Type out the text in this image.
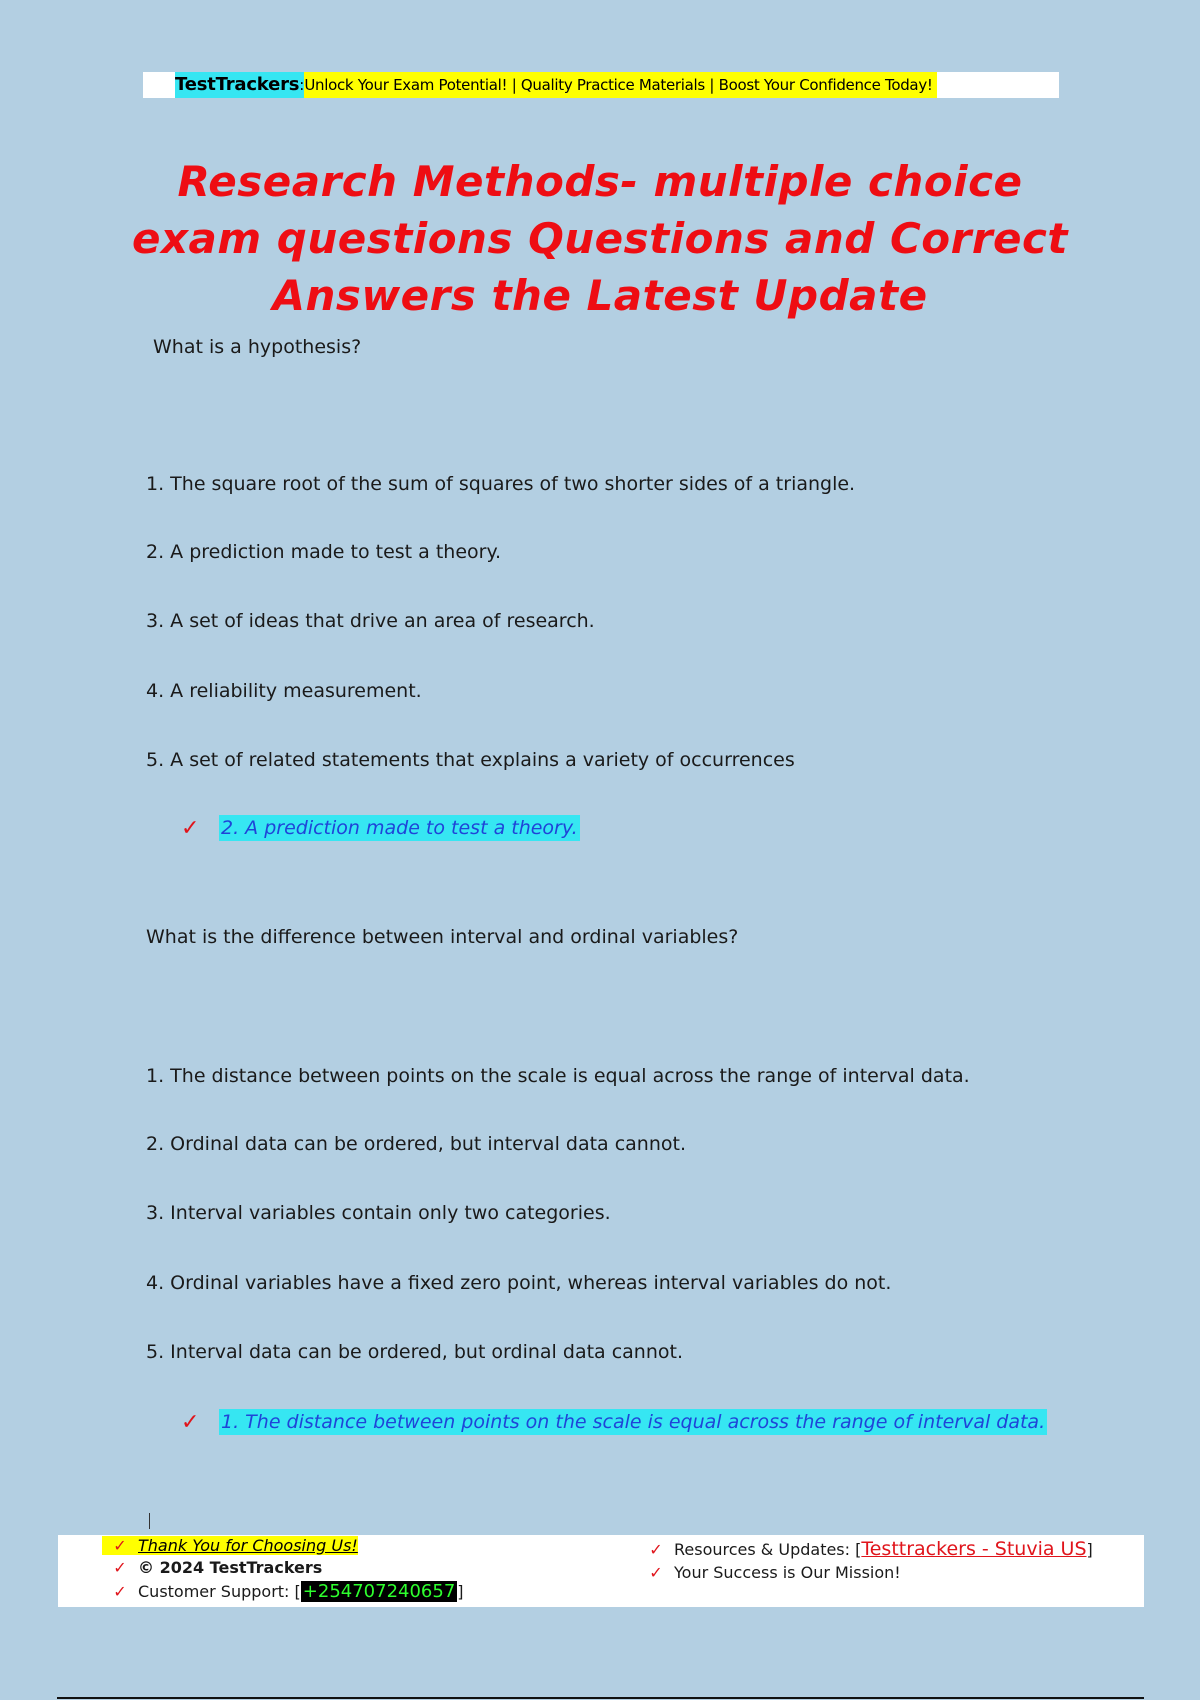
TestTrackers : Unlock Your Exam Potential! | Quality Practice Materials | Boost Your Confidence Today!
Research Methods- multiple choice exam questions Questions and Correct Answers the Latest Update

What is a hypothesis?

1. The square root of the sum of squares of two shorter sides of a triangle.

2. A prediction made to test a theory.

3. A set of ideas that drive an area of research.

4. A reliability measurement.

5. A set of related statements that explains a variety of occurrences

✓	2. A prediction made to test a theory.

What is the difference between interval and ordinal variables?

1. The distance between points on the scale is equal across the range of interval data.

2. Ordinal data can be ordered, but interval data cannot.

3. Interval variables contain only two categories.

4. Ordinal variables have a fixed zero point, whereas interval variables do not.

5. Interval data can be ordered, but ordinal data cannot.

✓	1. The distance between points on the scale is equal across the range of interval data.
✓ Thank You for Choosing Us!
✓ © 2024 TestTrackers
✓ Customer Support: [ +254707240657 ]
✓ Resources & Updates: [ Testtrackers - Stuvia US ]
✓ Your Success is Our Mission!
